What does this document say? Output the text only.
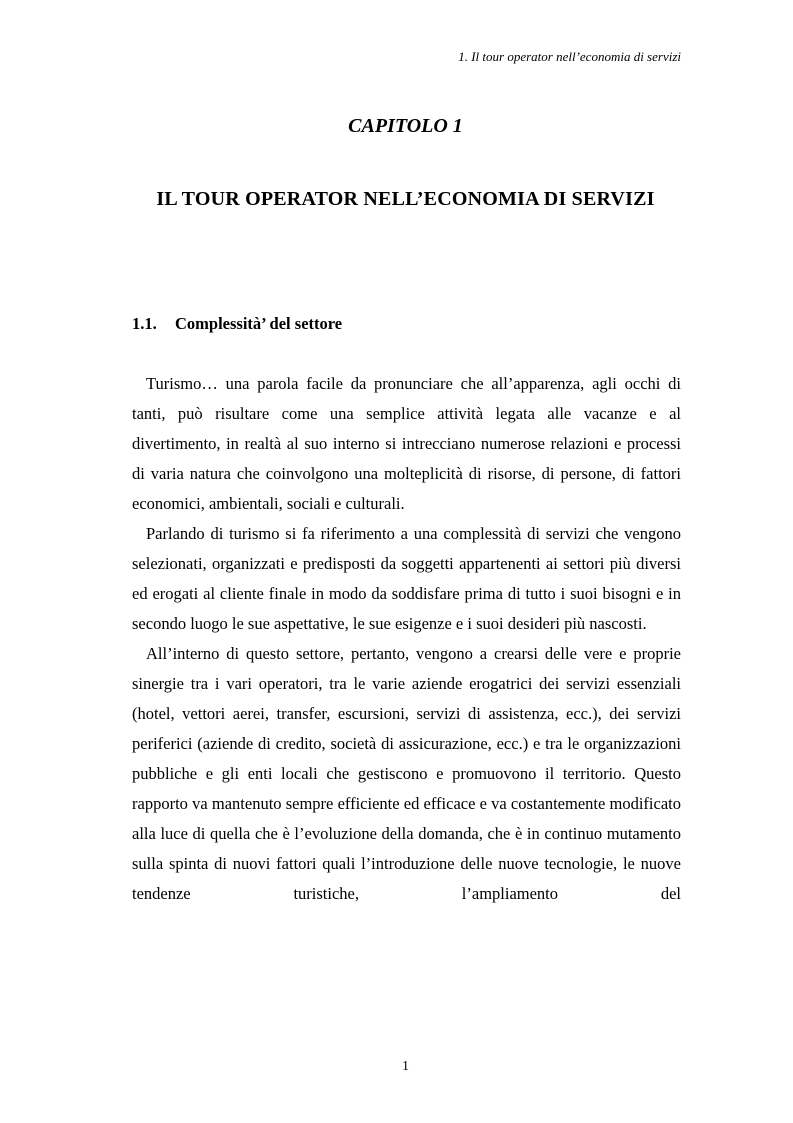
1. Il tour operator nell’economia di servizi
CAPITOLO 1
IL TOUR OPERATOR NELL’ECONOMIA DI SERVIZI
1.1. Complessità’ del settore

Turismo… una parola facile da pronunciare che all’apparenza, agli occhi di tanti, può risultare come una semplice attività legata alle vacanze e al divertimento, in realtà al suo interno si intrecciano numerose relazioni e processi di varia natura che coinvolgono una molteplicità di risorse, di persone, di fattori economici, ambientali, sociali e culturali.

Parlando di turismo si fa riferimento a una complessità di servizi che vengono selezionati, organizzati e predisposti da soggetti appartenenti ai settori più diversi ed erogati al cliente finale in modo da soddisfare prima di tutto i suoi bisogni e in secondo luogo le sue aspettative, le sue esigenze e i suoi desideri più nascosti.

All’interno di questo settore, pertanto, vengono a crearsi delle vere e proprie sinergie tra i vari operatori, tra le varie aziende erogatrici dei servizi essenziali (hotel, vettori aerei, transfer, escursioni, servizi di assistenza, ecc.), dei servizi periferici (aziende di credito, società di assicurazione, ecc.) e tra le organizzazioni pubbliche e gli enti locali che gestiscono e promuovono il territorio. Questo rapporto va mantenuto sempre efficiente ed efficace e va costantemente modificato alla luce di quella che è l’evoluzione della domanda, che è in continuo mutamento sulla spinta di nuovi fattori quali l’introduzione delle nuove tecnologie, le nuove tendenze turistiche, l’ampliamento del

1
